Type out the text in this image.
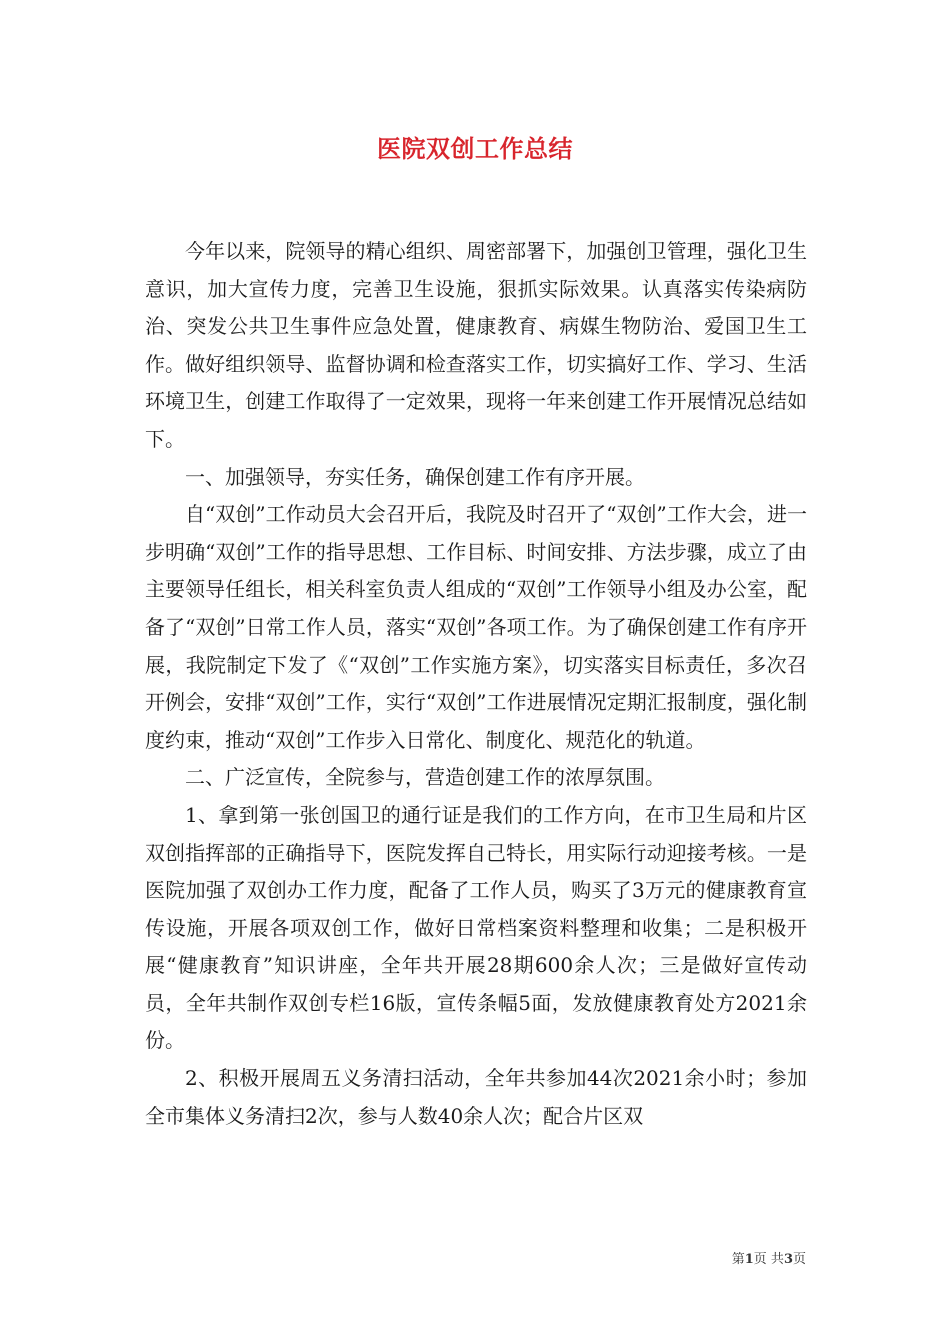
医院双创工作总结

今年以来，院领导的精心组织、周密部署下，加强创卫管理，强化卫生意识，加大宣传力度，完善卫生设施，狠抓实际效果。认真落实传染病防治、突发公共卫生事件应急处置，健康教育、病媒生物防治、爱国卫生工作。做好组织领导、监督协调和检查落实工作，切实搞好工作、学习、生活环境卫生，创建工作取得了一定效果，现将一年来创建工作开展情况总结如下。

一、加强领导，夯实任务，确保创建工作有序开展。

自“双创”工作动员大会召开后，我院及时召开了“双创”工作大会，进一步明确“双创”工作的指导思想、工作目标、时间安排、方法步骤，成立了由主要领导任组长，相关科室负责人组成的“双创”工作领导小组及办公室，配备了“双创”日常工作人员，落实“双创”各项工作。为了确保创建工作有序开展，我院制定下发了《“双创”工作实施方案》，切实落实目标责任，多次召开例会，安排“双创”工作，实行“双创”工作进展情况定期汇报制度，强化制度约束，推动“双创”工作步入日常化、制度化、规范化的轨道。

二、广泛宣传，全院参与，营造创建工作的浓厚氛围。

1、拿到第一张创国卫的通行证是我们的工作方向，在市卫生局和片区双创指挥部的正确指导下，医院发挥自己特长，用实际行动迎接考核。一是医院加强了双创办工作力度，配备了工作人员，购买了3万元的健康教育宣传设施，开展各项双创工作，做好日常档案资料整理和收集；二是积极开展“健康教育”知识讲座，全年共开展28期600余人次；三是做好宣传动员，全年共制作双创专栏16版，宣传条幅5面，发放健康教育处方2021余份。

2、积极开展周五义务清扫活动，全年共参加44次2021余小时；参加全市集体义务清扫2次，参与人数40余人次；配合片区双

第1页 共3页
